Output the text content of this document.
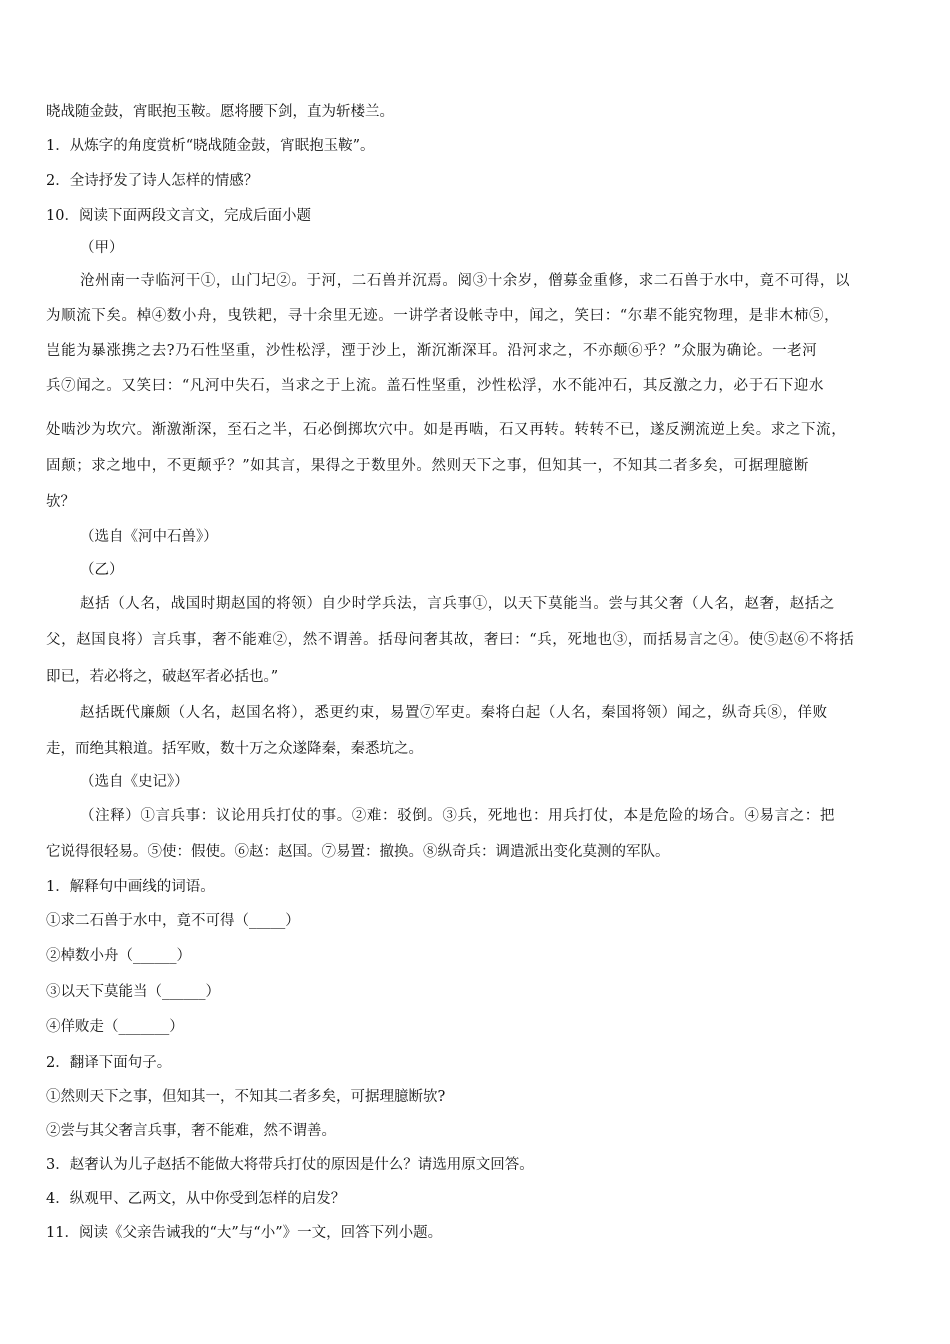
晓战随金鼓，宵眠抱玉鞍。愿将腰下剑，直为斩楼兰。
1．从炼字的角度赏析“晓战随金鼓，宵眠抱玉鞍”。
2．全诗抒发了诗人怎样的情感？
10．阅读下面两段文言文，完成后面小题
（甲）
沧州南一寺临河干①，山门圮②。于河，二石兽并沉焉。阅③十余岁，僧募金重修，求二石兽于水中，竟不可得，以
为顺流下矣。棹④数小舟，曳铁耙，寻十余里无迹。一讲学者设帐寺中，闻之，笑曰：“尔辈不能究物理，是非木柿⑤，
岂能为暴涨携之去?乃石性坚重，沙性松浮，湮于沙上，渐沉渐深耳。沿河求之，不亦颠⑥乎？”众服为确论。一老河
兵⑦闻之。又笑曰：“凡河中失石，当求之于上流。盖石性坚重，沙性松浮，水不能冲石，其反激之力，必于石下迎水
处啮沙为坎穴。渐激渐深，至石之半，石必倒掷坎穴中。如是再啮，石又再转。转转不已，遂反溯流逆上矣。求之下流，
固颠；求之地中，不更颠乎？”如其言，果得之于数里外。然则天下之事，但知其一，不知其二者多矣，可据理臆断
欤？
（选自《河中石兽》）
（乙）
赵括（人名，战国时期赵国的将领）自少时学兵法，言兵事①，以天下莫能当。尝与其父奢（人名，赵奢，赵括之
父，赵国良将）言兵事，奢不能难②，然不谓善。括母问奢其故，奢曰：“兵，死地也③，而括易言之④。使⑤赵⑥不将括
即已，若必将之，破赵军者必括也。”
赵括既代廉颇（人名，赵国名将），悉更约束，易置⑦军吏。秦将白起（人名，秦国将领）闻之，纵奇兵⑧，佯败
走，而绝其粮道。括军败，数十万之众遂降秦，秦悉坑之。
（选自《史记》）
（注释）①言兵事：议论用兵打仗的事。②难：驳倒。③兵，死地也：用兵打仗，本是危险的场合。④易言之：把
它说得很轻易。⑤使：假使。⑥赵：赵国。⑦易置：撤换。⑧纵奇兵：调遣派出变化莫测的军队。
1．解释句中画线的词语。
①求二石兽于水中，竟不可得（_____）
②棹数小舟（______）
③以天下莫能当（______）
④佯败走（_______）
2．翻译下面句子。
①然则天下之事，但知其一，不知其二者多矣，可据理臆断欤?
②尝与其父奢言兵事，奢不能难，然不谓善。
3．赵奢认为儿子赵括不能做大将带兵打仗的原因是什么？请选用原文回答。
4．纵观甲、乙两文，从中你受到怎样的启发？
11．阅读《父亲告诫我的“大”与“小”》一文，回答下列小题。
